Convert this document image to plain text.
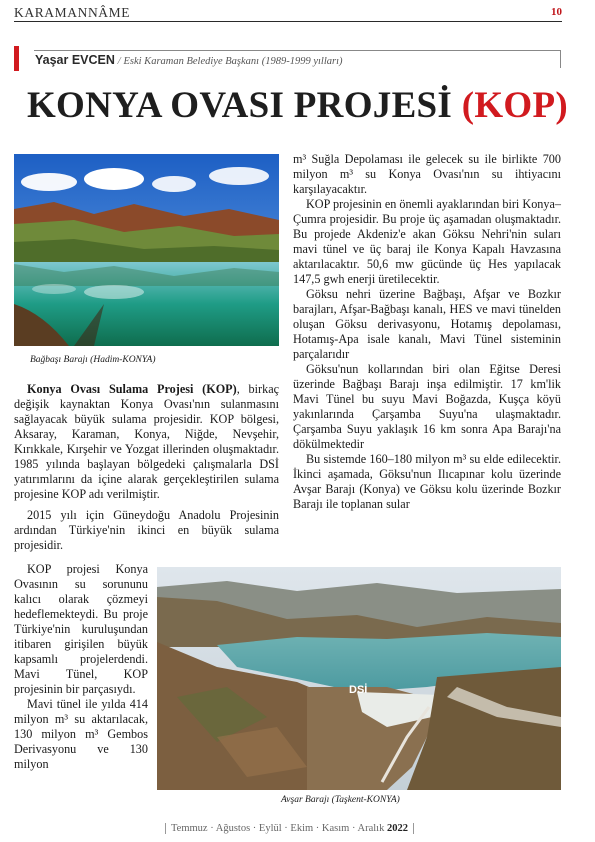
KARAMANNÂME	10
Yaşar EVCEN / Eski Karaman Belediye Başkanı (1989-1999 yılları)
KONYA OVASI PROJESİ (KOP)
Bağbaşı Barajı (Hadim-KONYA)

Konya Ovası Sulama Projesi (KOP), birkaç değişik kaynaktan Konya Ovası'nın sulanmasını sağlayacak büyük sulama projesidir. KOP bölgesi, Aksaray, Karaman, Konya, Niğde, Nevşehir, Kırıkkale, Kırşehir ve Yozgat illerinden oluşmaktadır. 1985 yılında başlayan bölgedeki çalışmalarla DSİ yatırımlarını da içine alarak gerçekleştirilen sulama projesine KOP adı verilmiştir.

2015 yılı için Güneydoğu Anadolu Projesinin ardından Türkiye'nin ikinci en büyük sulama projesidir.

KOP projesi Konya Ovasının su sorununu kalıcı olarak çözmeyi hedeflemekteydi. Bu proje Türkiye'nin kuruluşundan itibaren girişilen büyük kapsamlı projelerdendi. Mavi Tünel, KOP projesinin bir parçasıydı.

Mavi tünel ile yılda 414 milyon m³ su aktarılacak, 130 milyon m³ Gembos Derivasyonu ve 130 milyon

m³ Suğla Depolaması ile gelecek su ile birlikte 700 milyon m³ su Konya Ovası'nın su ihtiyacını karşılayacaktır.

KOP projesinin en önemli ayaklarından biri Konya–Çumra projesidir. Bu proje üç aşamadan oluşmaktadır. Bu projede Akdeniz'e akan Göksu Nehri'nin suları mavi tünel ve üç baraj ile Konya Kapalı Havzasına aktarılacaktır. 50,6 mw gücünde üç Hes yapılacak 147,5 gwh enerji üretilecektir.

Göksu nehri üzerine Bağbaşı, Afşar ve Bozkır barajları, Afşar-Bağbaşı kanalı, HES ve mavi tünelden oluşan Göksu derivasyonu, Hotamış depolaması, Hotamış-Apa isale kanalı, Mavi Tünel sisteminin parçalarıdır

Göksu'nun kollarından biri olan Eğitse Deresi üzerinde Bağbaşı Barajı inşa edilmiştir. 17 km'lik Mavi Tünel bu suyu Mavi Boğazda, Kuşça köyü yakınlarında Çarşamba Suyu'na ulaşmaktadır. Çarşamba Suyu yaklaşık 16 km sonra Apa Barajı'na dökülmektedir

Bu sistemde 160–180 milyon m³ su elde edilecektir. İkinci aşamada, Göksu'nun Ilıcapınar kolu üzerinde Avşar Barajı (Konya) ve Göksu kolu üzerinde Bozkır Barajı ile toplanan sular

DSİ
Avşar Barajı (Taşkent-KONYA)
Temmuz · Ağustos · Eylül · Ekim · Kasım · Aralık 2022
